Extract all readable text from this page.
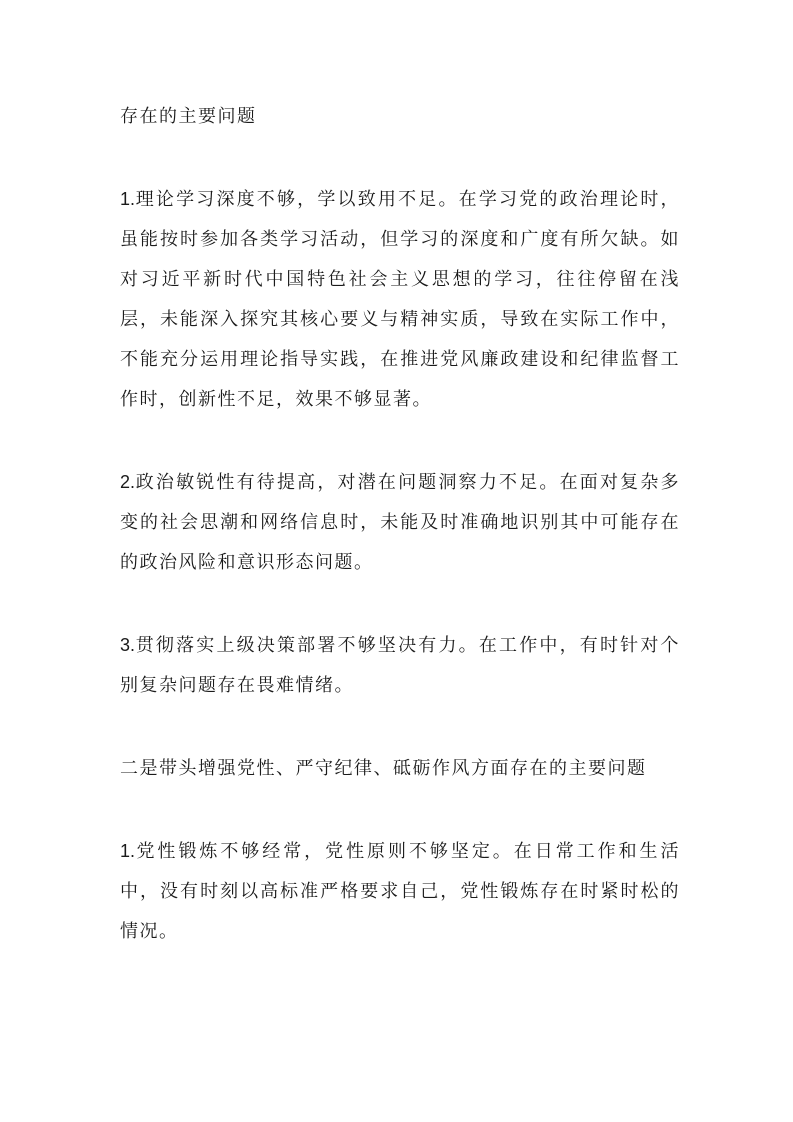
存在的主要问题

1.理论学习深度不够，学以致用不足。在学习党的政治理论时，虽能按时参加各类学习活动，但学习的深度和广度有所欠缺。如对习近平新时代中国特色社会主义思想的学习，往往停留在浅层，未能深入探究其核心要义与精神实质，导致在实际工作中，不能充分运用理论指导实践，在推进党风廉政建设和纪律监督工作时，创新性不足，效果不够显著。

2.政治敏锐性有待提高，对潜在问题洞察力不足。在面对复杂多变的社会思潮和网络信息时，未能及时准确地识别其中可能存在的政治风险和意识形态问题。

3.贯彻落实上级决策部署不够坚决有力。在工作中，有时针对个别复杂问题存在畏难情绪。

二是带头增强党性、严守纪律、砥砺作风方面存在的主要问题

1.党性锻炼不够经常，党性原则不够坚定。在日常工作和生活中，没有时刻以高标准严格要求自己，党性锻炼存在时紧时松的情况。
